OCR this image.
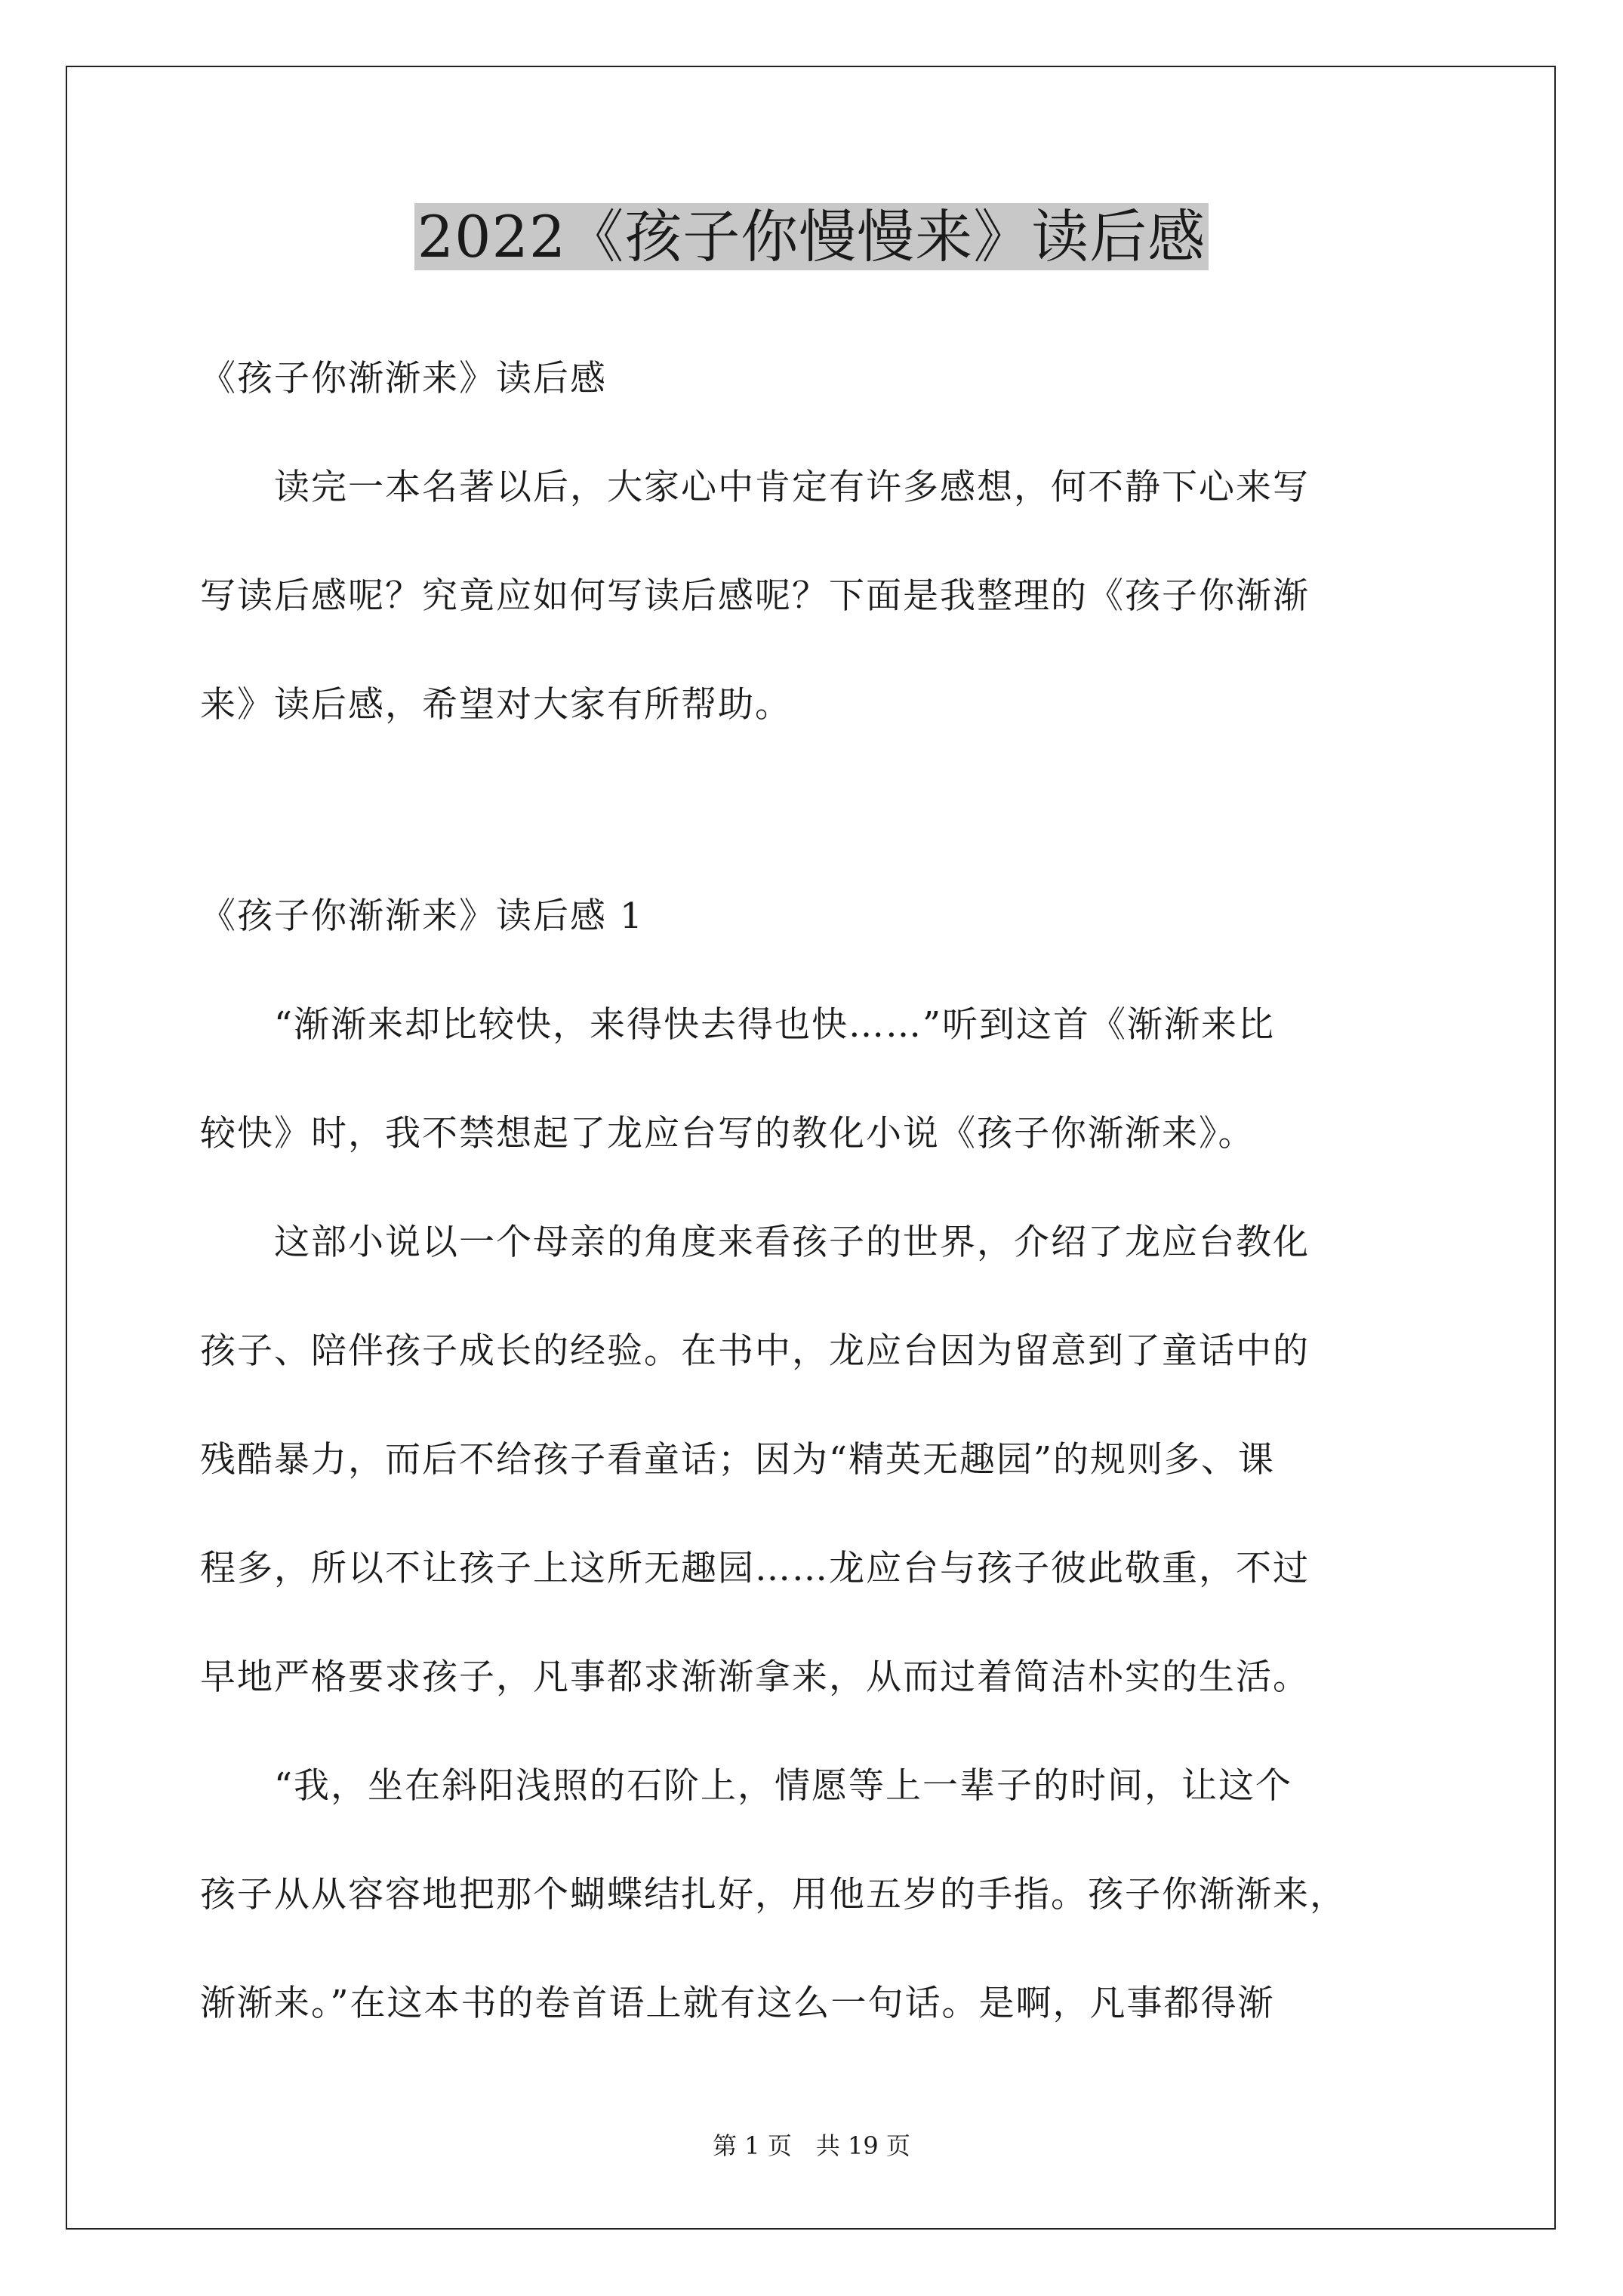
2022《孩子你慢慢来》读后感
《孩子你渐渐来》读后感
　　读完一本名著以后，大家心中肯定有许多感想，何不静下心来写
写读后感呢？究竟应如何写读后感呢？下面是我整理的《孩子你渐渐
来》读后感，希望对大家有所帮助。
《孩子你渐渐来》读后感 1
　　“渐渐来却比较快，来得快去得也快……”听到这首《渐渐来比
较快》时，我不禁想起了龙应台写的教化小说《孩子你渐渐来》。
　　这部小说以一个母亲的角度来看孩子的世界，介绍了龙应台教化
孩子、陪伴孩子成长的经验。在书中，龙应台因为留意到了童话中的
残酷暴力，而后不给孩子看童话；因为“精英无趣园”的规则多、课
程多，所以不让孩子上这所无趣园……龙应台与孩子彼此敬重，不过
早地严格要求孩子，凡事都求渐渐拿来，从而过着简洁朴实的生活。
　　“我，坐在斜阳浅照的石阶上，情愿等上一辈子的时间，让这个
孩子从从容容地把那个蝴蝶结扎好，用他五岁的手指。孩子你渐渐来，
渐渐来。”在这本书的卷首语上就有这么一句话。是啊，凡事都得渐
第 1 页　共 19 页
